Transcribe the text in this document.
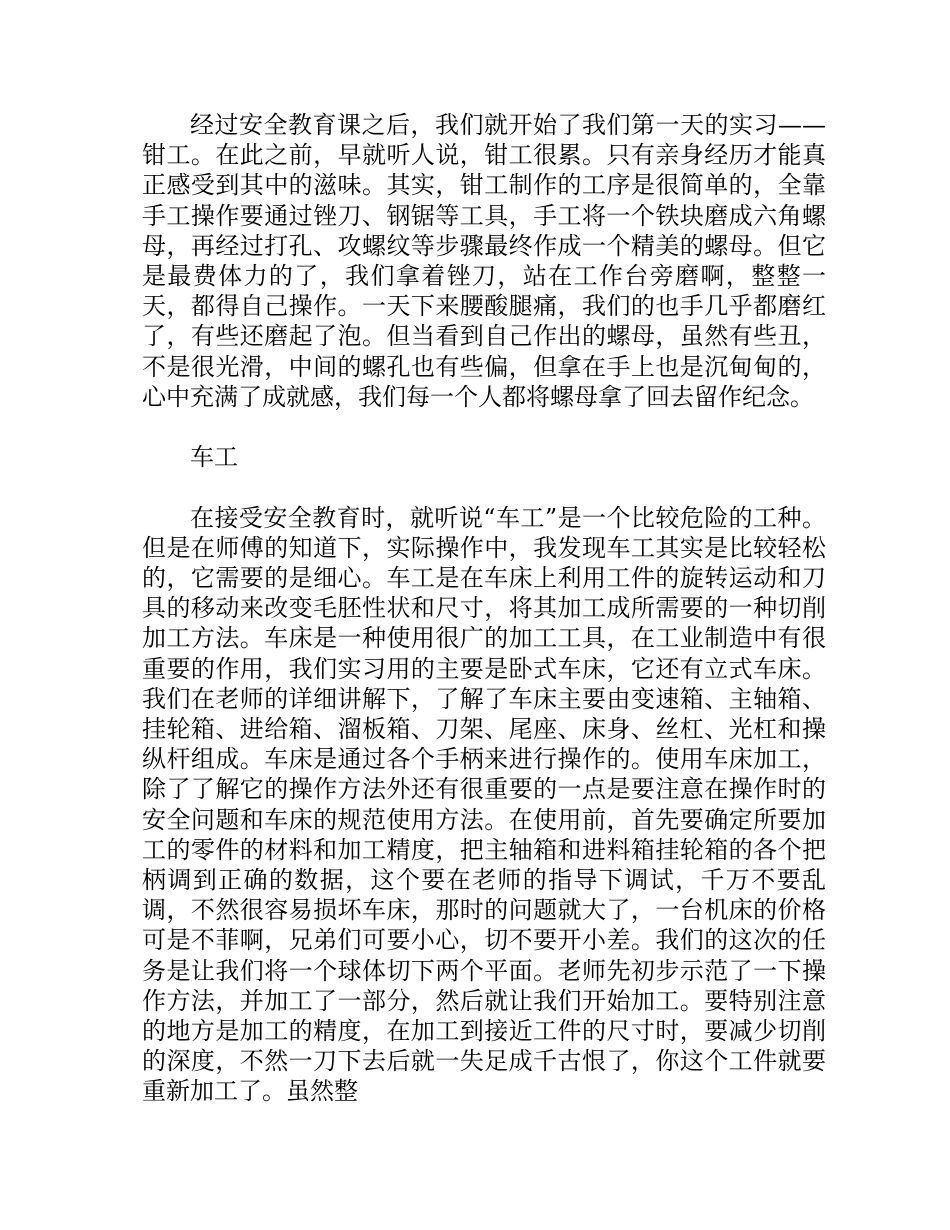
经过安全教育课之后，我们就开始了我们第一天的实习——钳工。在此之前，早就听人说，钳工很累。只有亲身经历才能真正感受到其中的滋味。其实，钳工制作的工序是很简单的，全靠手工操作要通过锉刀、钢锯等工具，手工将一个铁块磨成六角螺母，再经过打孔、攻螺纹等步骤最终作成一个精美的螺母。但它是最费体力的了，我们拿着锉刀，站在工作台旁磨啊，整整一天，都得自己操作。一天下来腰酸腿痛，我们的也手几乎都磨红了，有些还磨起了泡。但当看到自己作出的螺母，虽然有些丑，不是很光滑，中间的螺孔也有些偏，但拿在手上也是沉甸甸的，心中充满了成就感，我们每一个人都将螺母拿了回去留作纪念。

车工

在接受安全教育时，就听说“车工”是一个比较危险的工种。但是在师傅的知道下，实际操作中，我发现车工其实是比较轻松的，它需要的是细心。车工是在车床上利用工件的旋转运动和刀具的移动来改变毛胚性状和尺寸，将其加工成所需要的一种切削加工方法。车床是一种使用很广的加工工具，在工业制造中有很重要的作用，我们实习用的主要是卧式车床，它还有立式车床。我们在老师的详细讲解下，了解了车床主要由变速箱、主轴箱、挂轮箱、进给箱、溜板箱、刀架、尾座、床身、丝杠、光杠和操纵杆组成。车床是通过各个手柄来进行操作的。使用车床加工，除了了解它的操作方法外还有很重要的一点是要注意在操作时的安全问题和车床的规范使用方法。在使用前，首先要确定所要加工的零件的材料和加工精度，把主轴箱和进料箱挂轮箱的各个把柄调到正确的数据，这个要在老师的指导下调试，千万不要乱调，不然很容易损坏车床，那时的问题就大了，一台机床的价格可是不菲啊，兄弟们可要小心，切不要开小差。我们的这次的任务是让我们将一个球体切下两个平面。老师先初步示范了一下操作方法，并加工了一部分，然后就让我们开始加工。要特别注意的地方是加工的精度，在加工到接近工件的尺寸时，要减少切削的深度，不然一刀下去后就一失足成千古恨了，你这个工件就要重新加工了。虽然整
